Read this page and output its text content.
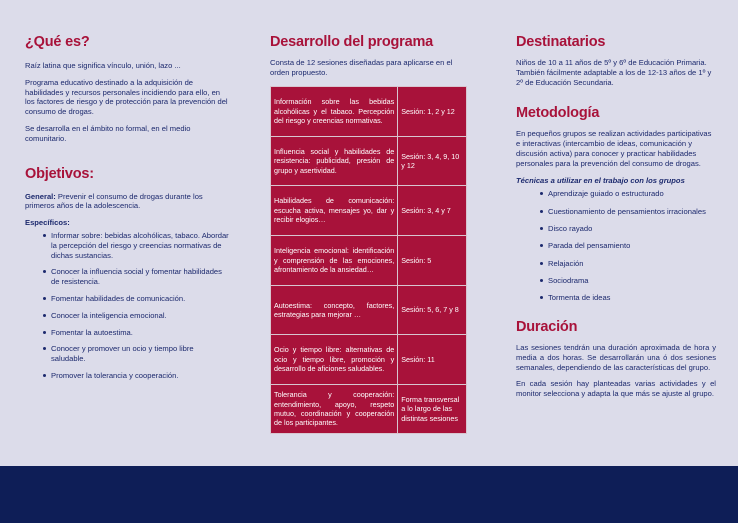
¿Qué es?

Raíz latina que significa vínculo, unión, lazo ...

Programa educativo destinado a la adquisición de habilidades y recursos personales incidiendo para ello, en los factores de riesgo y de protección para la prevención del consumo de drogas.

Se desarrolla en el ámbito no formal, en el medio comunitario.

Objetivos:

General: Prevenir el consumo de drogas durante los primeros años de la adolescencia.

Específicos:
Informar sobre: bebidas alcohólicas, tabaco. Abordar la percepción del riesgo y creencias normativas de dichas sustancias.
Conocer la influencia social y fomentar habilidades de resistencia.
Fomentar habilidades de comunicación.
Conocer la inteligencia emocional.
Fomentar la autoestima.
Conocer y promover un ocio y tiempo libre saludable.
Promover la tolerancia y cooperación.
Desarrollo del programa

Consta de 12 sesiones diseñadas para aplicarse en el orden propuesto.

Información sobre las bebidas alcohólicas y el tabaco. Percepción del riesgo y creencias normativas.	Sesión: 1, 2 y 12
Influencia social y habilidades de resistencia: publicidad, presión de grupo y asertividad.	Sesión: 3, 4, 9, 10 y 12
Habilidades de comunicación: escucha activa, mensajes yo, dar y recibir elogios…	Sesión: 3, 4 y 7
Inteligencia emocional: identificación y comprensión de las emociones, afrontamiento de la ansiedad…	Sesión: 5
Autoestima: concepto, factores, estrategias para mejorar …	Sesión: 5, 6, 7 y 8
Ocio y tiempo libre: alternativas de ocio y tiempo libre, promoción y desarrollo de aficiones saludables.	Sesión: 11
Tolerancia y cooperación: entendimiento, apoyo, respeto mutuo, coordinación y cooperación de los participantes.	Forma transversal a lo largo de las distintas sesiones
Destinatarios

Niños de 10 a 11 años de 5º y 6º de Educación Primaria. También fácilmente adaptable a los de 12-13 años de 1º y 2º de Educación Secundaria.

Metodología

En pequeños grupos se realizan actividades participativas e interactivas (intercambio de ideas, comunicación y discusión activa) para conocer y practicar habilidades personales para la prevención del consumo de drogas.

Técnicas a utilizar en el trabajo con los grupos
Aprendizaje guiado o estructurado
Cuestionamiento de pensamientos irracionales
Disco rayado
Parada del pensamiento
Relajación
Sociodrama
Tormenta de ideas
Duración

Las sesiones tendrán una duración aproximada de hora y media a dos horas. Se desarrollarán una ó dos sesiones semanales, dependiendo de las características del grupo.

En cada sesión hay planteadas varias actividades y el monitor selecciona y adapta la que más se ajuste al grupo.
